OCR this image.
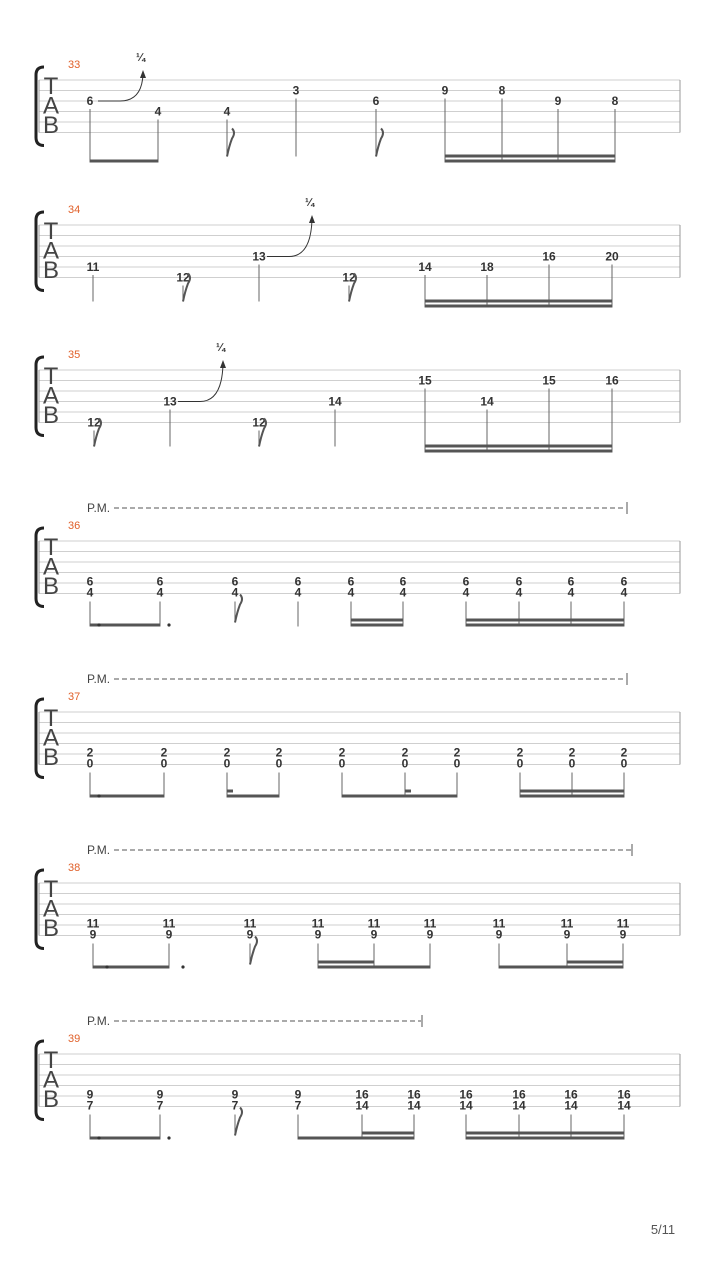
T
A
B
33
6
4	4
3
6
9	8
9	8
¼
T
A
B
34
11
12
13
12
14	18
16	20
¼
T
A
B
35
12
13
12
14
15
14
15	16
¼
T
A
B
36
P.M.
6
4
6
4
6
4
6
4
6
4
6
4
6
4
6
4
6
4
6
4
T
A
B
37
P.M.
2
0
2
0
2
0
2
0
2
0
2
0
2
0
2
0
2
0
2
0
T
A
B
38
P.M.
11
9
11
9
11
9
11
9
11
9
11
9
11
9
11
9
11
9
T
A
B
39
P.M.
9
7
9
7
9
7
9
7
16
14
16
14
16
14
16
14
16
14
16
14
5/11
